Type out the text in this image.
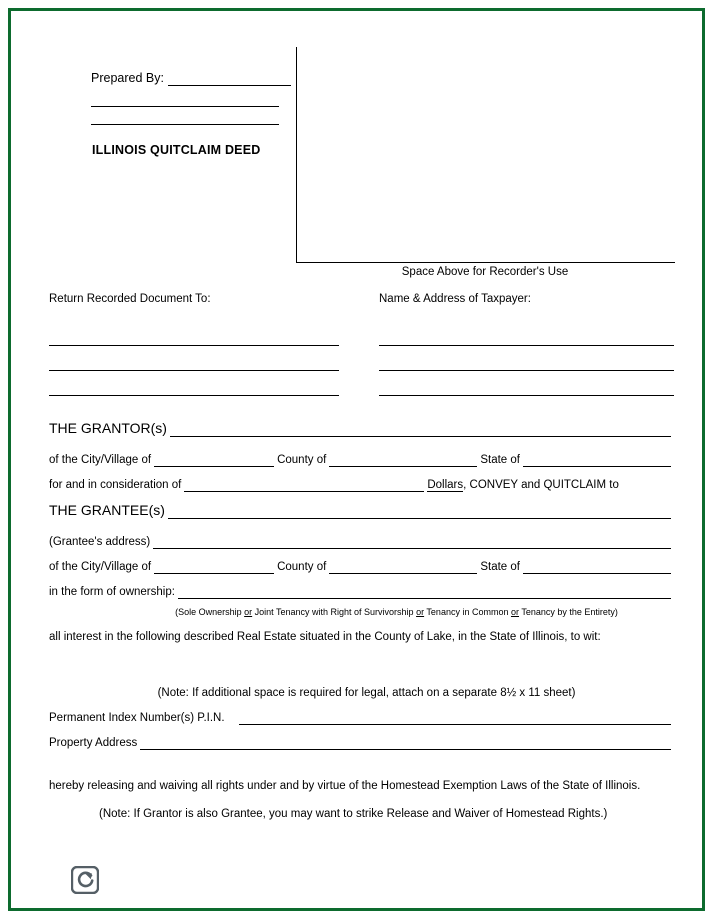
Prepared By:
ILLINOIS QUITCLAIM DEED
Space Above for Recorder's Use
Return Recorded Document To:	Name & Address of Taxpayer:
THE GRANTOR(s)
of the City/Village of	County of	State of
for and in consideration of	Dollars , CONVEY and QUITCLAIM to
THE GRANTEE(s)
(Grantee's address)
of the City/Village of	County of	State of
in the form of ownership:
(Sole Ownership or Joint Tenancy with Right of Survivorship or Tenancy in Common or Tenancy by the Entirety)
all interest in the following described Real Estate situated in the County of Lake, in the State of Illinois, to wit:
(Note: If additional space is required for legal, attach on a separate 8½ x 11 sheet)
Permanent Index Number(s) P.I.N.
Property Address
hereby releasing and waiving all rights under and by virtue of the Homestead Exemption Laws of the State of Illinois.
(Note: If Grantor is also Grantee, you may want to strike Release and Waiver of Homestead Rights.)
